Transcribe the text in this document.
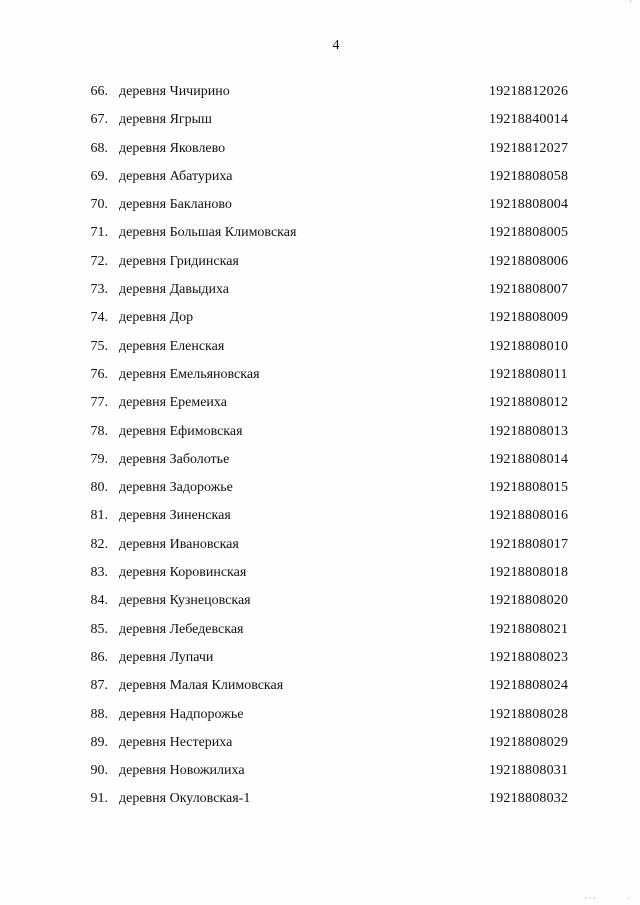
·
4
66. деревня Чичирино	19218812026
67. деревня Ягрыш	19218840014
68. деревня Яковлево	19218812027
69. деревня Абатуриха	19218808058
70. деревня Бакланово	19218808004
71. деревня Большая Климовская	19218808005
72. деревня Гридинская	19218808006
73. деревня Давыдиха	19218808007
74. деревня Дор	19218808009
75. деревня Еленская	19218808010
76. деревня Емельяновская	19218808011
77. деревня Еремеиха	19218808012
78. деревня Ефимовская	19218808013
79. деревня Заболотье	19218808014
80. деревня Задорожье	19218808015
81. деревня Зиненская	19218808016
82. деревня Ивановская	19218808017
83. деревня Коровинская	19218808018
84. деревня Кузнецовская	19218808020
85. деревня Лебедевская	19218808021
86. деревня Лупачи	19218808023
87. деревня Малая Климовская	19218808024
88. деревня Надпорожье	19218808028
89. деревня Нестериха	19218808029
90. деревня Новожилиха	19218808031
91. деревня Окуловская-1	19218808032
· · ·	·
